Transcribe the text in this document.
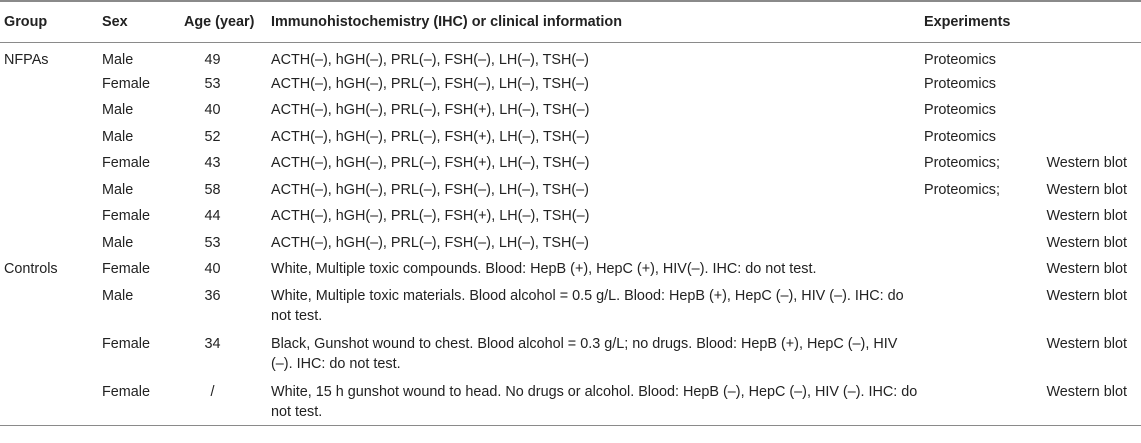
Group	Sex	Age (year)	Immunohistochemistry (IHC) or clinical information	Experiments
NFPAs	Male	49	ACTH(–), hGH(–), PRL(–), FSH(–), LH(–), TSH(–)	Proteomics

	Female	53	ACTH(–), hGH(–), PRL(–), FSH(–), LH(–), TSH(–)	Proteomics

	Male	40	ACTH(–), hGH(–), PRL(–), FSH(+), LH(–), TSH(–)	Proteomics

	Male	52	ACTH(–), hGH(–), PRL(–), FSH(+), LH(–), TSH(–)	Proteomics

	Female	43	ACTH(–), hGH(–), PRL(–), FSH(+), LH(–), TSH(–)	Proteomics; Western blot

	Male	58	ACTH(–), hGH(–), PRL(–), FSH(–), LH(–), TSH(–)	Proteomics; Western blot

	Female	44	ACTH(–), hGH(–), PRL(–), FSH(+), LH(–), TSH(–)	Western blot

	Male	53	ACTH(–), hGH(–), PRL(–), FSH(–), LH(–), TSH(–)	Western blot

Controls	Female	40	White, Multiple toxic compounds. Blood: HepB (+), HepC (+), HIV(–). IHC: do not test.	Western blot

	Male	36	White, Multiple toxic materials. Blood alcohol = 0.5 g/L. Blood: HepB (+), HepC (–), HIV (–). IHC: do not test.	Western blot

	Female	34	Black, Gunshot wound to chest. Blood alcohol = 0.3 g/L; no drugs. Blood: HepB (+), HepC (–), HIV (–). IHC: do not test.	Western blot

	Female	/	White, 15 h gunshot wound to head. No drugs or alcohol. Blood: HepB (–), HepC (–), HIV (–). IHC: do not test.	Western blot
